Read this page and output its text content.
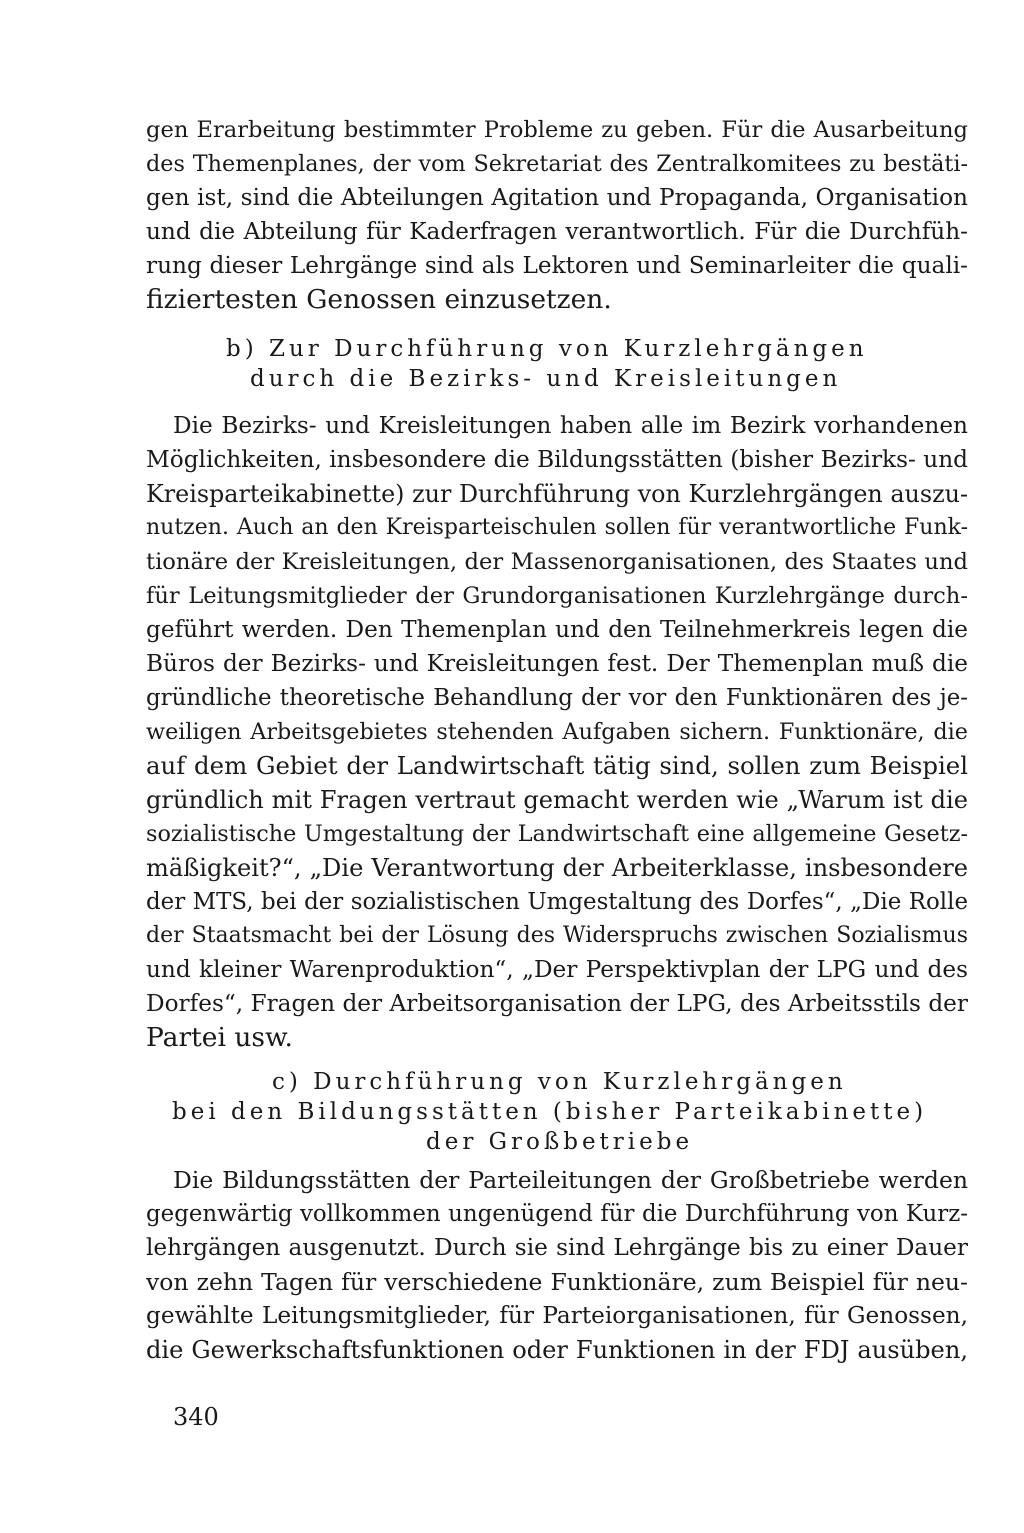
gen Erarbeitung bestimmter Probleme zu geben. Für die Ausarbeitung
des Themenplanes, der vom Sekretariat des Zentralkomitees zu bestäti-
gen ist, sind die Abteilungen Agitation und Propaganda, Organisation
und die Abteilung für Kaderfragen verantwortlich. Für die Durchfüh-
rung dieser Lehrgänge sind als Lektoren und Seminarleiter die quali-
fiziertesten Genossen einzusetzen.
b) Zur Durchführung von Kurzlehrgängen
durch die Bezirks- und Kreisleitungen
Die Bezirks- und Kreisleitungen haben alle im Bezirk vorhandenen
Möglichkeiten, insbesondere die Bildungsstätten (bisher Bezirks- und
Kreisparteikabinette) zur Durchführung von Kurzlehrgängen auszu-
nutzen. Auch an den Kreisparteischulen sollen für verantwortliche Funk-
tionäre der Kreisleitungen, der Massenorganisationen, des Staates und
für Leitungsmitglieder der Grundorganisationen Kurzlehrgänge durch-
geführt werden. Den Themenplan und den Teilnehmerkreis legen die
Büros der Bezirks- und Kreisleitungen fest. Der Themenplan muß die
gründliche theoretische Behandlung der vor den Funktionären des je-
weiligen Arbeitsgebietes stehenden Aufgaben sichern. Funktionäre, die
auf dem Gebiet der Landwirtschaft tätig sind, sollen zum Beispiel
gründlich mit Fragen vertraut gemacht werden wie „Warum ist die
sozialistische Umgestaltung der Landwirtschaft eine allgemeine Gesetz-
mäßigkeit?“, „Die Verantwortung der Arbeiterklasse, insbesondere
der MTS, bei der sozialistischen Umgestaltung des Dorfes“, „Die Rolle
der Staatsmacht bei der Lösung des Widerspruchs zwischen Sozialismus
und kleiner Warenproduktion“, „Der Perspektivplan der LPG und des
Dorfes“, Fragen der Arbeitsorganisation der LPG, des Arbeitsstils der
Partei usw.
c) Durchführung von Kurzlehrgängen
bei den Bildungsstätten (bisher Parteikabinette)
der Großbetriebe
Die Bildungsstätten der Parteileitungen der Großbetriebe werden
gegenwärtig vollkommen ungenügend für die Durchführung von Kurz-
lehrgängen ausgenutzt. Durch sie sind Lehrgänge bis zu einer Dauer
von zehn Tagen für verschiedene Funktionäre, zum Beispiel für neu-
gewählte Leitungsmitglieder, für Parteiorganisationen, für Genossen,
die Gewerkschaftsfunktionen oder Funktionen in der FDJ ausüben,
340
